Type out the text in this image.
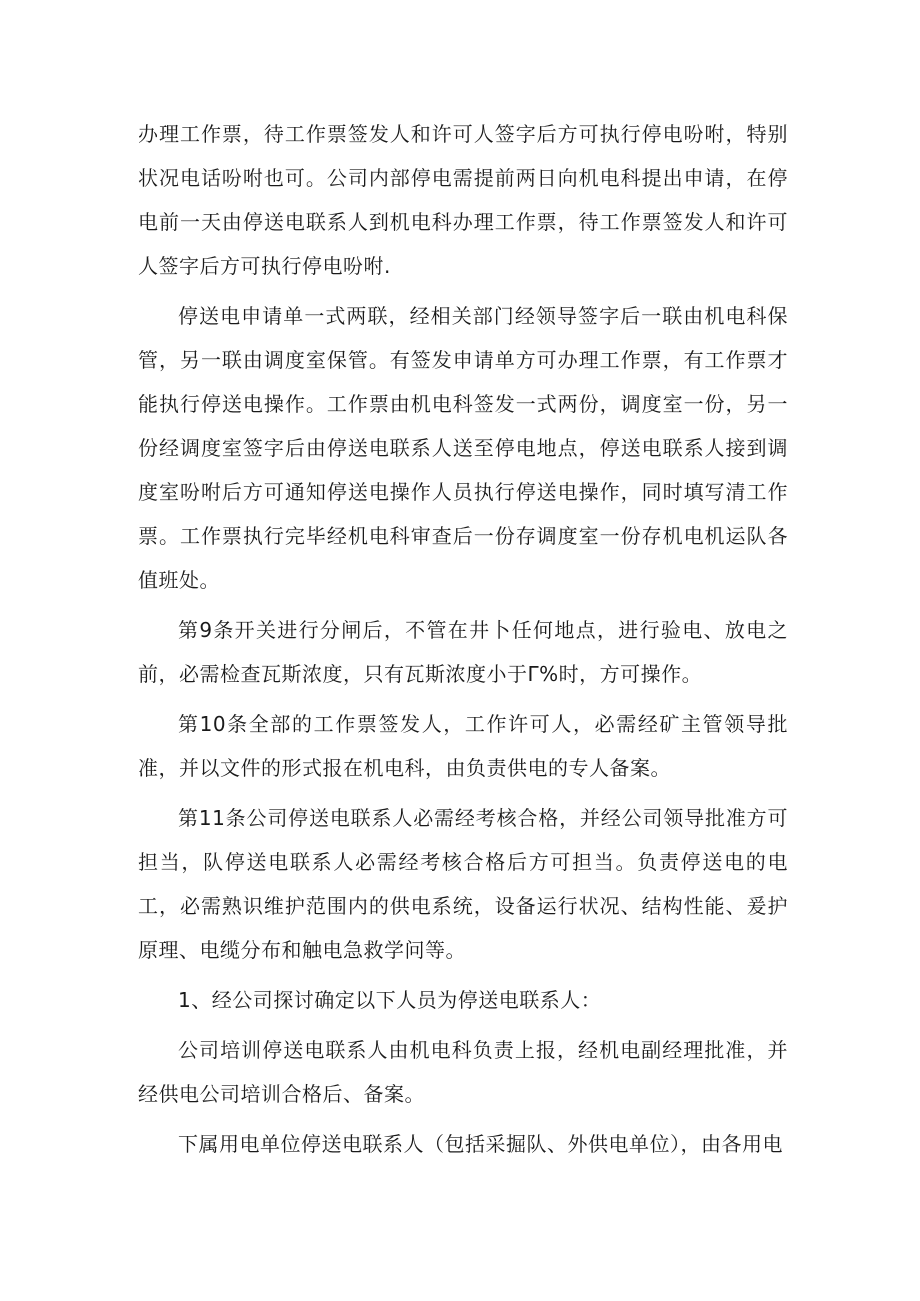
办理工作票，待工作票签发人和许可人签字后方可执行停电吩咐，特别状况电话吩咐也可。公司内部停电需提前两日向机电科提出申请，在停电前一天由停送电联系人到机电科办理工作票，待工作票签发人和许可人签字后方可执行停电吩咐.

停送电申请单一式两联，经相关部门经领导签字后一联由机电科保管，另一联由调度室保管。有签发申请单方可办理工作票，有工作票才能执行停送电操作。工作票由机电科签发一式两份，调度室一份，另一份经调度室签字后由停送电联系人送至停电地点，停送电联系人接到调度室吩咐后方可通知停送电操作人员执行停送电操作，同时填写清工作票。工作票执行完毕经机电科审查后一份存调度室一份存机电机运队各值班处。

第9条开关进行分闸后，不管在井卜任何地点，进行验电、放电之前，必需检查瓦斯浓度，只有瓦斯浓度小于Γ%时，方可操作。

第10条全部的工作票签发人，工作许可人，必需经矿主管领导批准，并以文件的形式报在机电科，由负责供电的专人备案。

第11条公司停送电联系人必需经考核合格，并经公司领导批准方可担当，队停送电联系人必需经考核合格后方可担当。负责停送电的电工，必需熟识维护范围内的供电系统，设备运行状况、结构性能、爰护原理、电缆分布和触电急救学问等。

1、经公司探讨确定以下人员为停送电联系人：

公司培训停送电联系人由机电科负责上报，经机电副经理批准，并经供电公司培训合格后、备案。

下属用电单位停送电联系人（包括采掘队、外供电单位），由各用电
